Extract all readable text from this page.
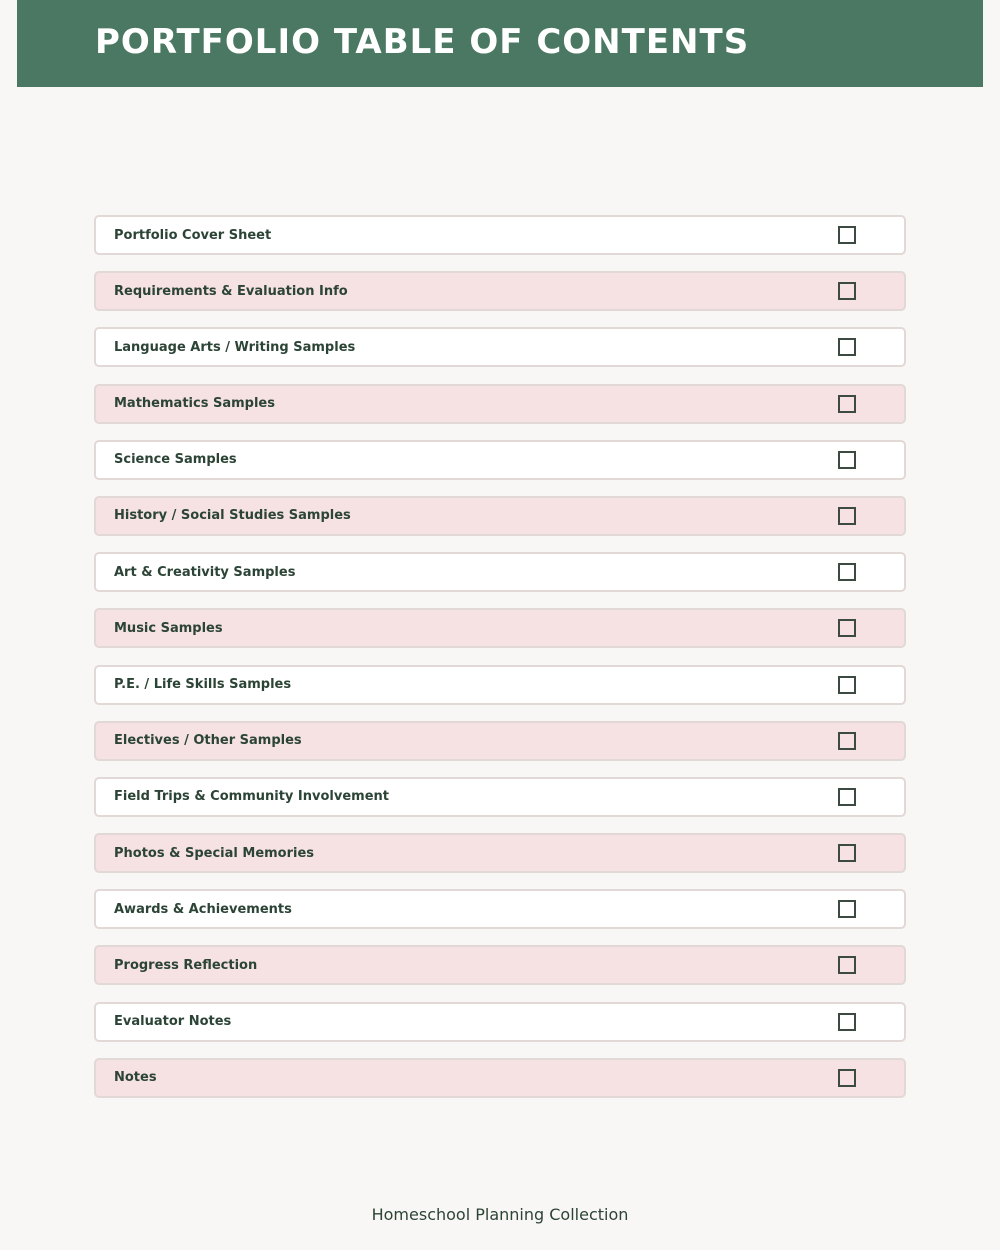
PORTFOLIO TABLE OF CONTENTS
Portfolio Cover Sheet
Requirements & Evaluation Info
Language Arts / Writing Samples
Mathematics Samples
Science Samples
History / Social Studies Samples
Art & Creativity Samples
Music Samples
P.E. / Life Skills Samples
Electives / Other Samples
Field Trips & Community Involvement
Photos & Special Memories
Awards & Achievements
Progress Reflection
Evaluator Notes
Notes
Homeschool Planning Collection
